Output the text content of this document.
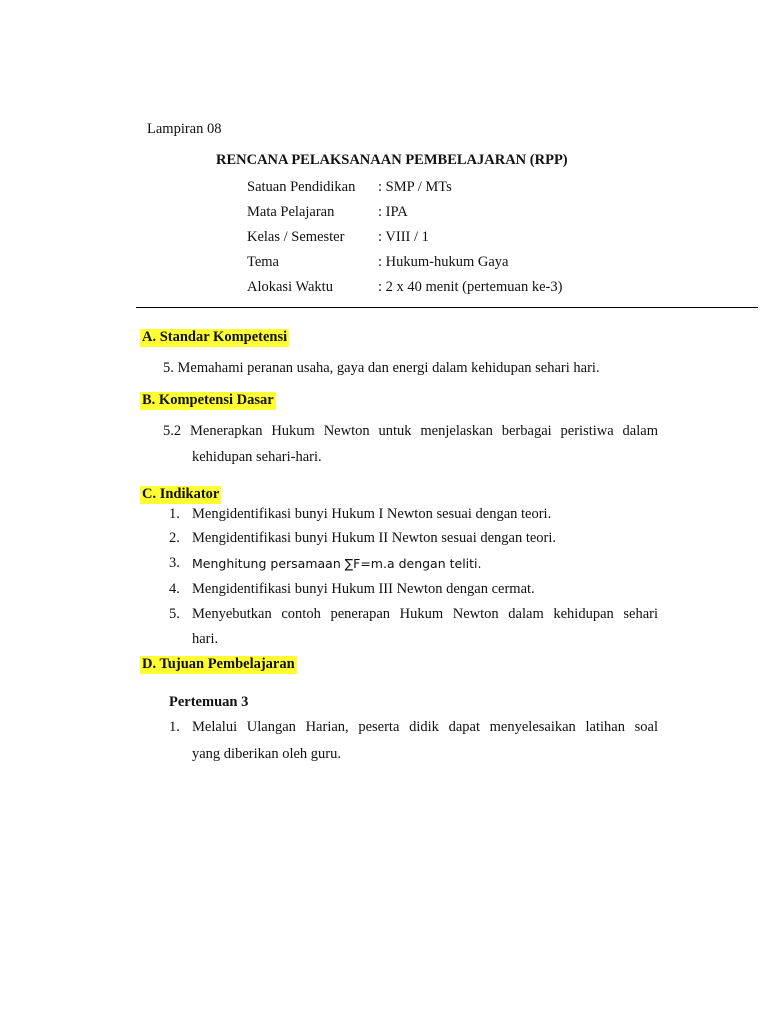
Lampiran 08
RENCANA PELAKSANAAN PEMBELAJARAN (RPP)
Satuan Pendidikan : SMP / MTs
Mata Pelajaran	: IPA
Kelas / Semester : VIII / 1
Tema	: Hukum-hukum Gaya
Alokasi Waktu	: 2 x 40 menit (pertemuan ke-3)
A. Standar Kompetensi
5. Memahami peranan usaha, gaya dan energi dalam kehidupan sehari hari.
B. Kompetensi Dasar
5.2 Menerapkan Hukum Newton untuk menjelaskan berbagai peristiwa dalam
kehidupan sehari-hari.
C. Indikator
1. Mengidentifikasi bunyi Hukum I Newton sesuai dengan teori.
2. Mengidentifikasi bunyi Hukum II Newton sesuai dengan teori.
3. Menghitung persamaan ∑F=m.a dengan teliti.
4. Mengidentifikasi bunyi Hukum III Newton dengan cermat.
5. Menyebutkan contoh penerapan Hukum Newton dalam kehidupan sehari
hari.
D. Tujuan Pembelajaran
Pertemuan 3
1. Melalui Ulangan Harian, peserta didik dapat menyelesaikan latihan soal
yang diberikan oleh guru.
